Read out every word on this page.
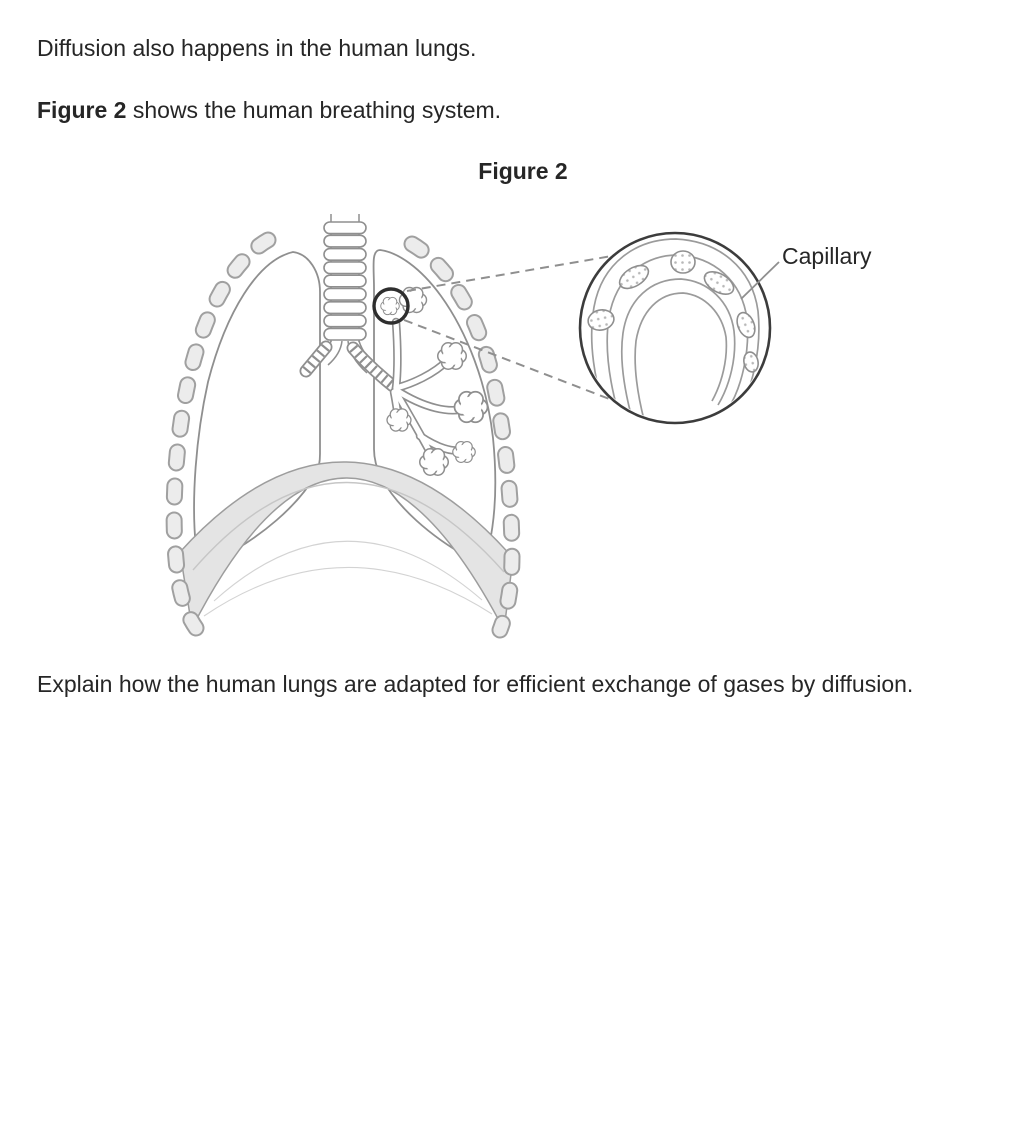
Diffusion also happens in the human lungs.
Figure 2 shows the human breathing system.
Figure 2
Capillary
Explain how the human lungs are adapted for efficient exchange of gases by diffusion.
